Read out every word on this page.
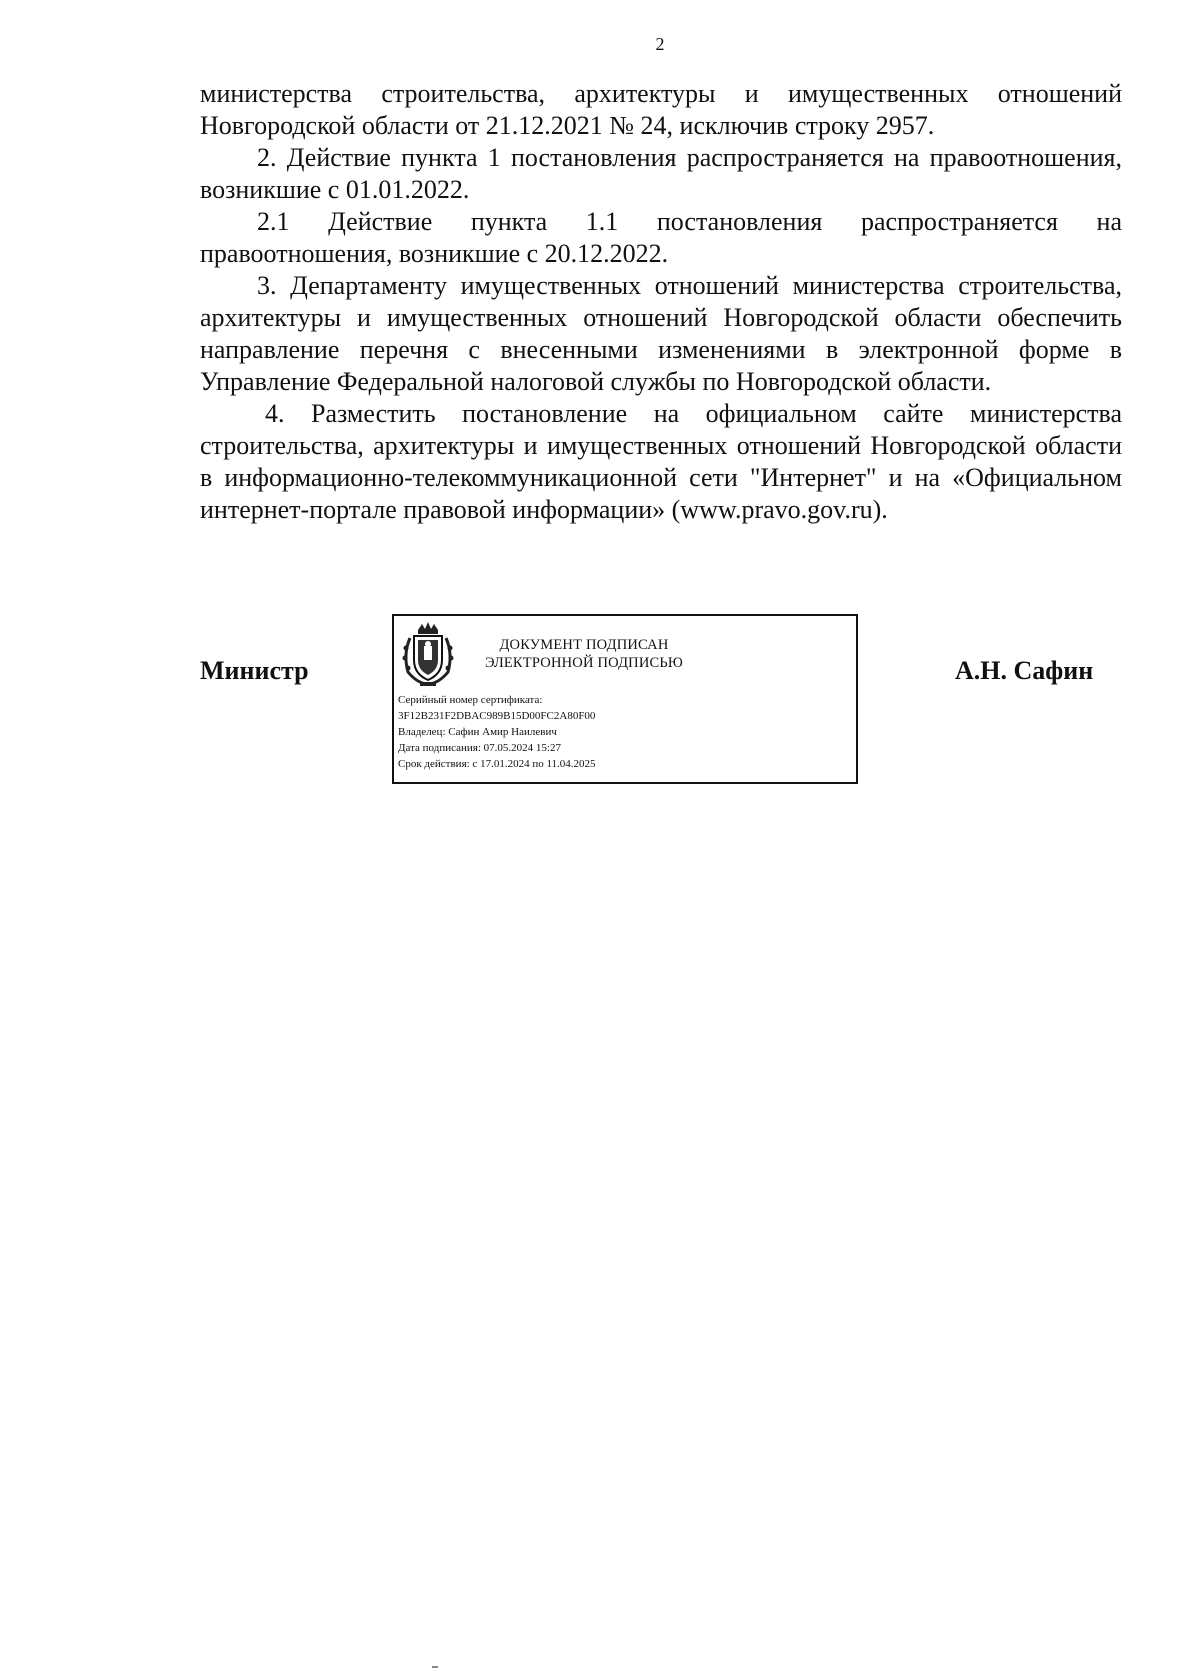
2

министерства строительства, архитектуры и имущественных отношений Новгородской области от 21.12.2021 № 24, исключив строку 2957.

2. Действие пункта 1 постановления распространяется на правоотношения, возникшие с 01.01.2022.

2.1 Действие пункта 1.1 постановления распространяется на правоотношения, возникшие с 20.12.2022.

3. Департаменту имущественных отношений министерства строительства, архитектуры и имущественных отношений Новгородской области обеспечить направление перечня с внесенными изменениями в электронной форме в Управление Федеральной налоговой службы по Новгородской области.

4. Разместить постановление на официальном сайте министерства строительства, архитектуры и имущественных отношений Новгородской области в информационно-телекоммуникационной сети "Интернет" и на «Официальном интернет-портале правовой информации» (www.pravo.gov.ru).

Министр
ДОКУМЕНТ ПОДПИСАН
ЭЛЕКТРОННОЙ ПОДПИСЬЮ
Серийный номер сертификата:
3F12B231F2DBAC989B15D00FC2A80F00
Владелец: Сафин Амир Наилевич
Дата подписания: 07.05.2024 15:27
Срок действия: с 17.01.2024 по 11.04.2025
А.Н. Сафин
